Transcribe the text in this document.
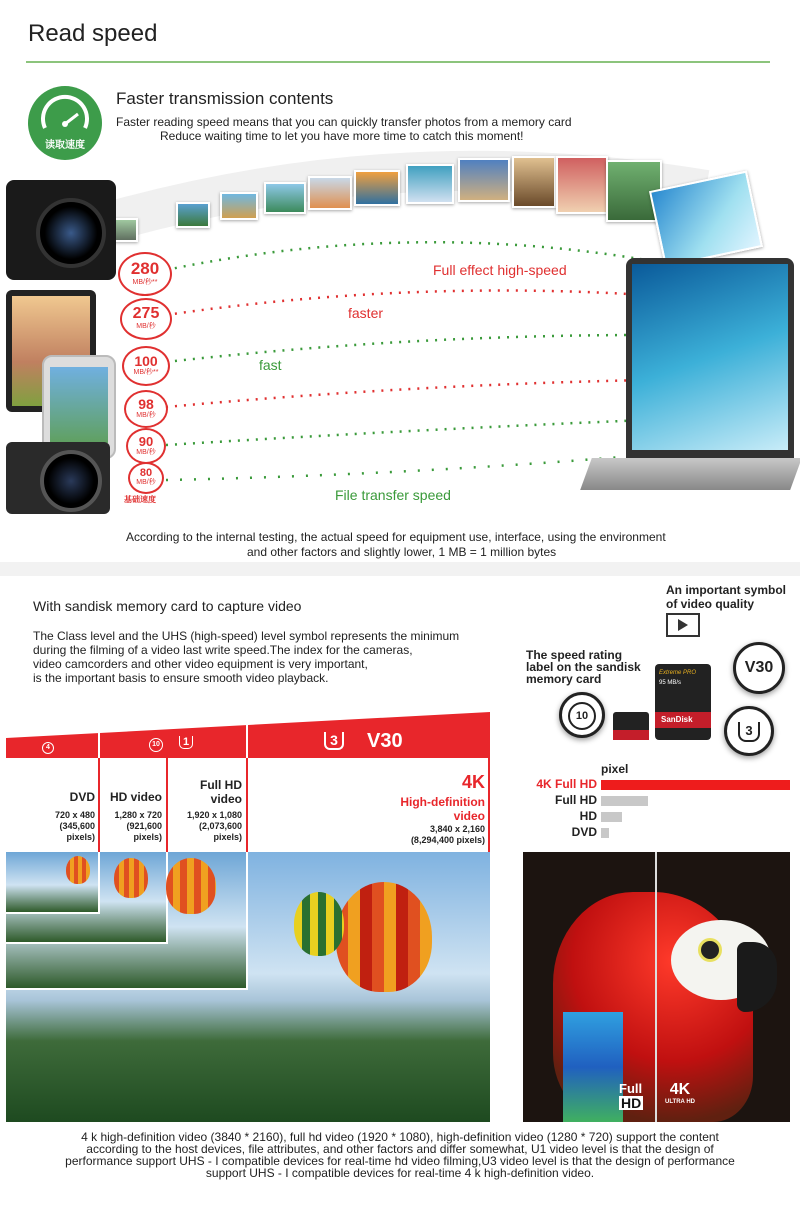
Read speed
读取速度
Faster transmission contents
Faster reading speed means that you can quickly transfer photos from a memory card
Reduce waiting time to let you have more time to catch this moment!
280
MB/秒**
275
MB/秒
100
MB/秒**
98
MB/秒
90
MB/秒
80
MB/秒
基础速度
Full effect high-speed
faster
fast
File transfer speed
According to the internal testing, the actual speed for equipment use, interface, using the environment
and other factors and slightly lower, 1 MB = 1 million bytes
With sandisk memory card to capture video
The Class level and the UHS (high-speed) level symbol represents the minimum
during the filming of a video last write speed.The index for the cameras,
video camcorders and other video equipment is very important,
is the important basis to ensure smooth video playback.
An important symbol
of video quality
The speed rating
label on the sandisk
memory card	Extreme PRO
95 MB/s
SanDisk
V30
3
10
4	10	1	3	V30
DVD
720 x 480
(345,600
pixels)
HD video
1,280 x 720
(921,600
pixels)
Full HD
video
1,920 x 1,080
(2,073,600
pixels)
4K
High-definition
video
3,840 x 2,160
(8,294,400 pixels)
pixel
4K Full HD
Full HD
HD
DVD
Full
HD
4K
ULTRA HD
4 k high-definition video (3840 * 2160), full hd video (1920 * 1080), high-definition video (1280 * 720) support the content
according to the host devices, file attributes, and other factors and differ somewhat, U1 video level is that the design of
performance support UHS - I compatible devices for real-time hd video filming,U3 video level is that the design of performance
support UHS - I compatible devices for real-time 4 k high-definition video.
